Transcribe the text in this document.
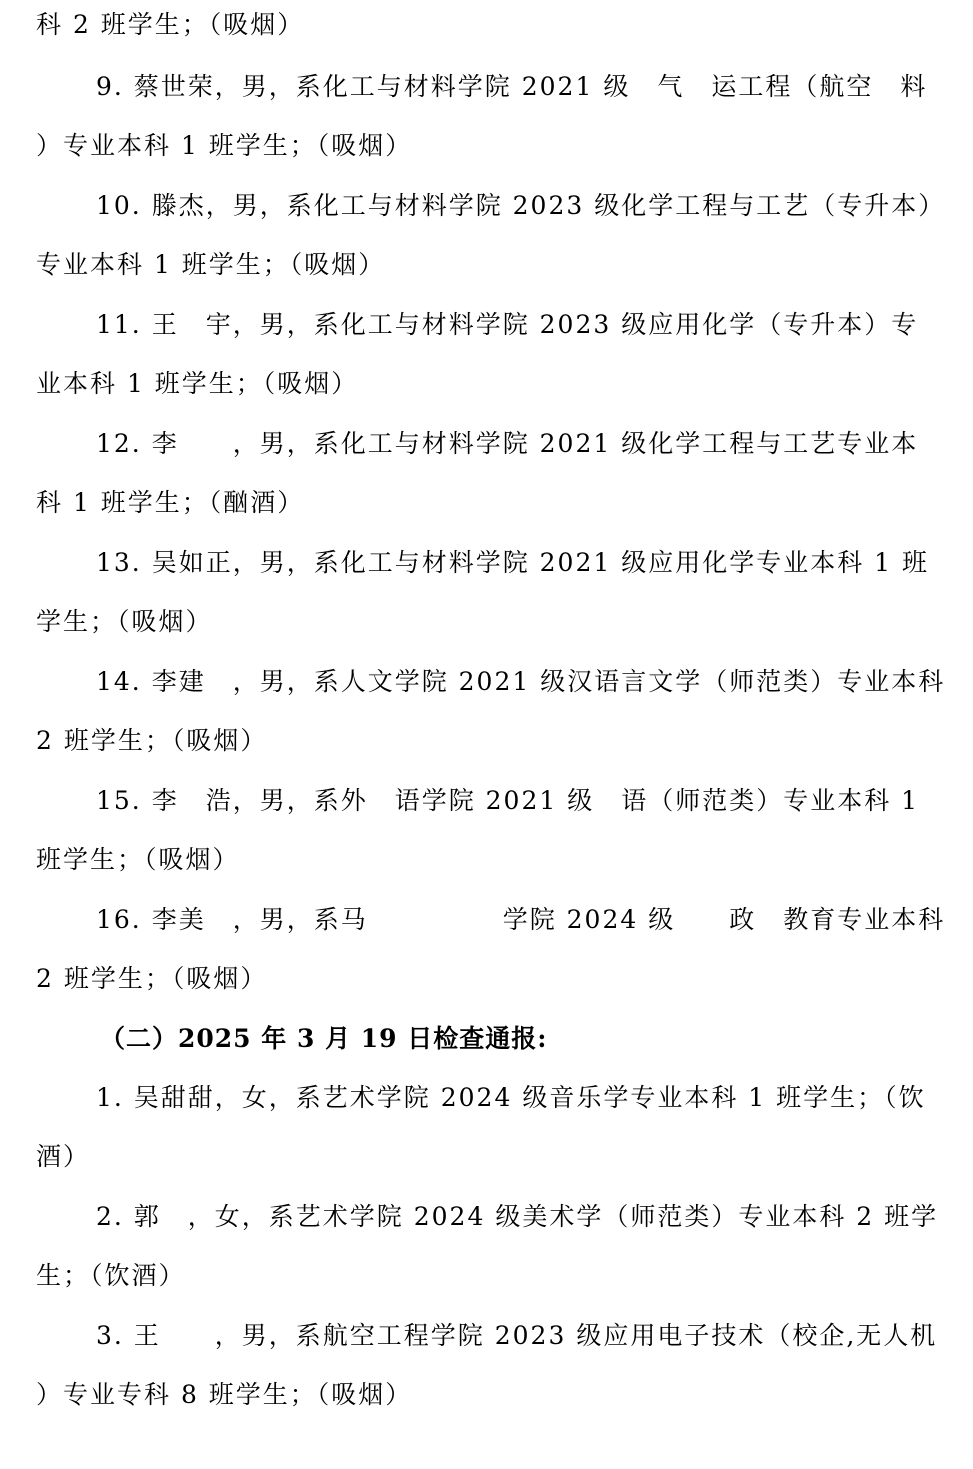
科 2 班学生；（吸烟）
9. 蔡世荣，男，系化工与材料学院 2021 级　气　运工程（航空　料
）专业本科 1 班学生；（吸烟）
10. 滕杰，男，系化工与材料学院 2023 级化学工程与工艺（专升本）
专业本科 1 班学生；（吸烟）
11. 王　宇，男，系化工与材料学院 2023 级应用化学（专升本）专
业本科 1 班学生；（吸烟）
12. 李　　，男，系化工与材料学院 2021 级化学工程与工艺专业本
科 1 班学生；（酗酒）
13. 吴如正，男，系化工与材料学院 2021 级应用化学专业本科 1 班
学生；（吸烟）
14. 李建　，男，系人文学院 2021 级汉语言文学（师范类）专业本科
2 班学生；（吸烟）
15. 李　浩，男，系外　语学院 2021 级　语（师范类）专业本科 1
班学生；（吸烟）
16. 李美　，男，系马　　　　　学院 2024 级　　政　教育专业本科
2 班学生；（吸烟）
（二）2025 年 3 月 19 日检查通报:
1. 吴甜甜，女，系艺术学院 2024 级音乐学专业本科 1 班学生；（饮
酒）
2. 郭　，女，系艺术学院 2024 级美术学（师范类）专业本科 2 班学
生；（饮酒）
3. 王　　，男，系航空工程学院 2023 级应用电子技术（校企,无人机
）专业专科 8 班学生；（吸烟）
